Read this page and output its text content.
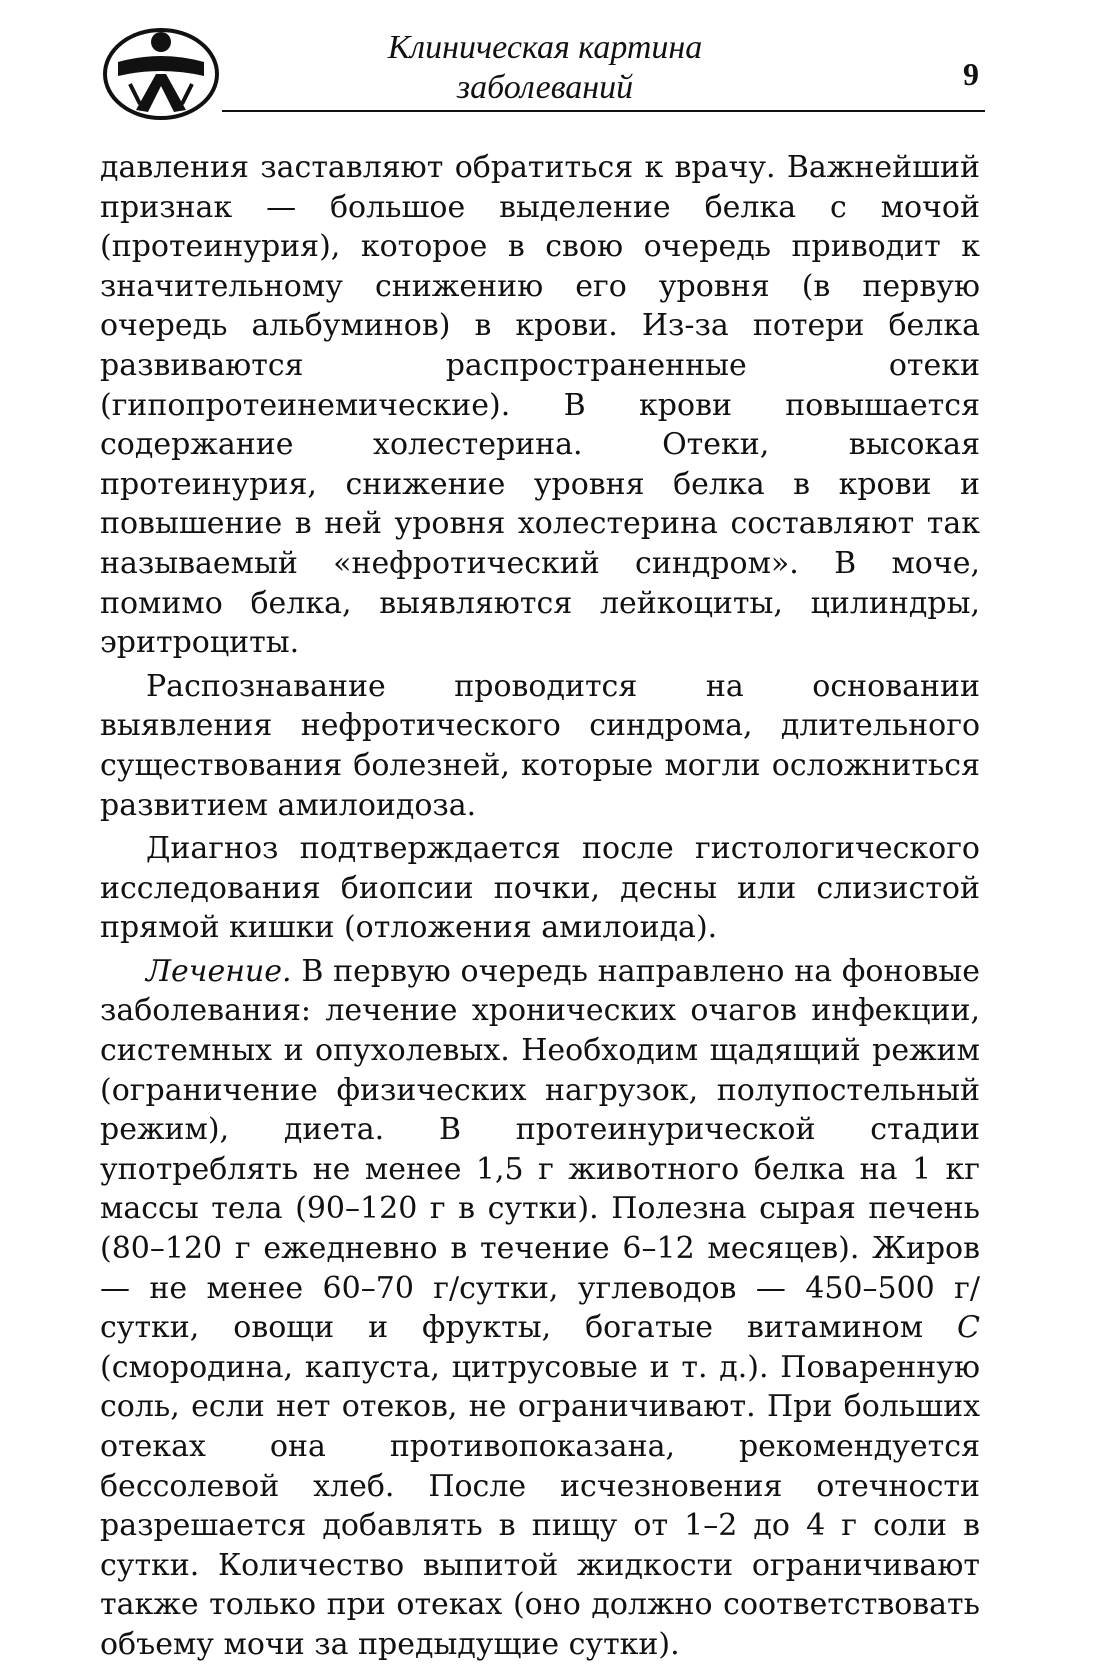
Клиническая картина
заболеваний	9

давления заставляют обратиться к врачу. Важнейший признак — большое выделение белка с мочой (протеинурия), которое в свою очередь приводит к значительному снижению его уровня (в первую очередь альбуминов) в крови. Из-за потери белка развиваются распространенные отеки (гипопротеинемические). В крови повышается содержание холестерина. Отеки, высокая протеинурия, снижение уровня белка в крови и повышение в ней уровня холестерина составляют так называемый «нефротический синдром». В моче, помимо белка, выявляются лейкоциты, цилиндры, эритроциты.

Распознавание проводится на основании выявления нефротического синдрома, длительного существования болезней, которые могли осложниться развитием амилоидоза.

Диагноз подтверждается после гистологического исследования биопсии почки, десны или слизистой прямой кишки (отложения амилоида).

Лечение. В первую очередь направлено на фоновые заболевания: лечение хронических очагов инфекции, системных и опухолевых. Необходим щадящий режим (ограничение физических нагрузок, полупостельный режим), диета. В протеинурической стадии употреблять не менее 1,5 г животного белка на 1 кг массы тела (90–120 г в сутки). Полезна сырая печень (80–120 г ежедневно в течение 6–12 месяцев). Жиров — не менее 60–70 г/сутки, углеводов — 450–500 г/сутки, овощи и фрукты, богатые витамином С (смородина, капуста, цитрусовые и т. д.). Поваренную соль, если нет отеков, не ограничивают. При больших отеках она противопоказана, рекомендуется бессолевой хлеб. После исчезновения отечности разрешается добавлять в пищу от 1–2 до 4 г соли в сутки. Количество выпитой жидкости ограничивают также только при отеках (оно должно соответствовать объему мочи за предыдущие сутки).
